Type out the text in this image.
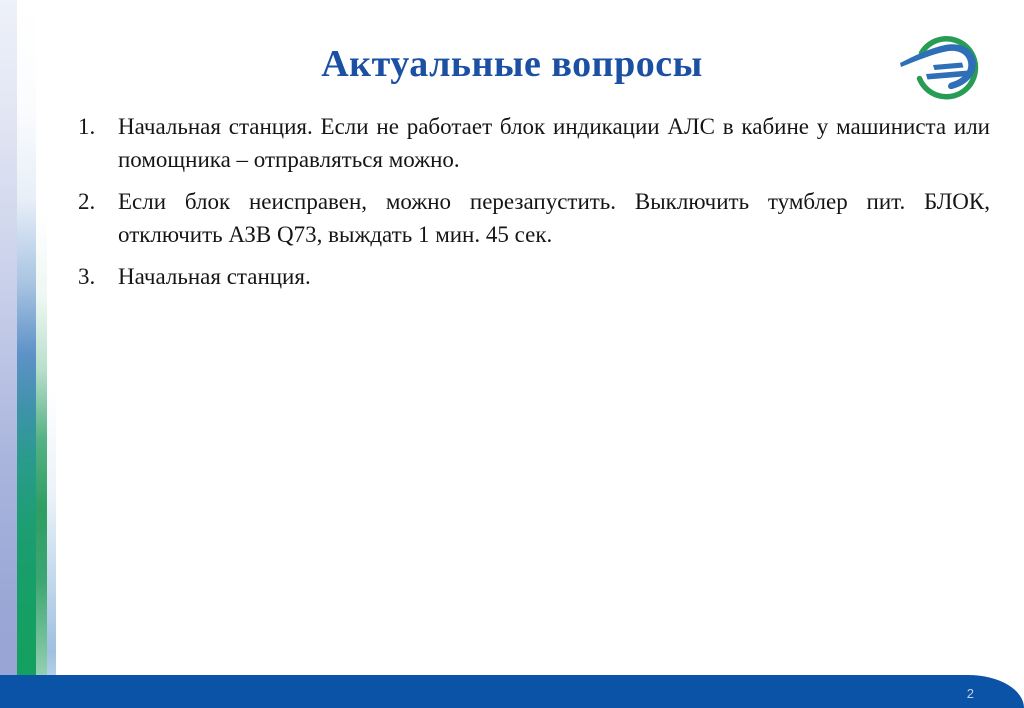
Актуальные вопросы
1. Начальная станция. Если не работает блок индикации АЛС в кабине у машиниста или помощника – отправляться можно.
2. Если блок неисправен, можно перезапустить. Выключить тумблер пит. БЛОК, отключить АЗВ Q73, выждать 1 мин. 45 сек.
3. Начальная станция.
2
